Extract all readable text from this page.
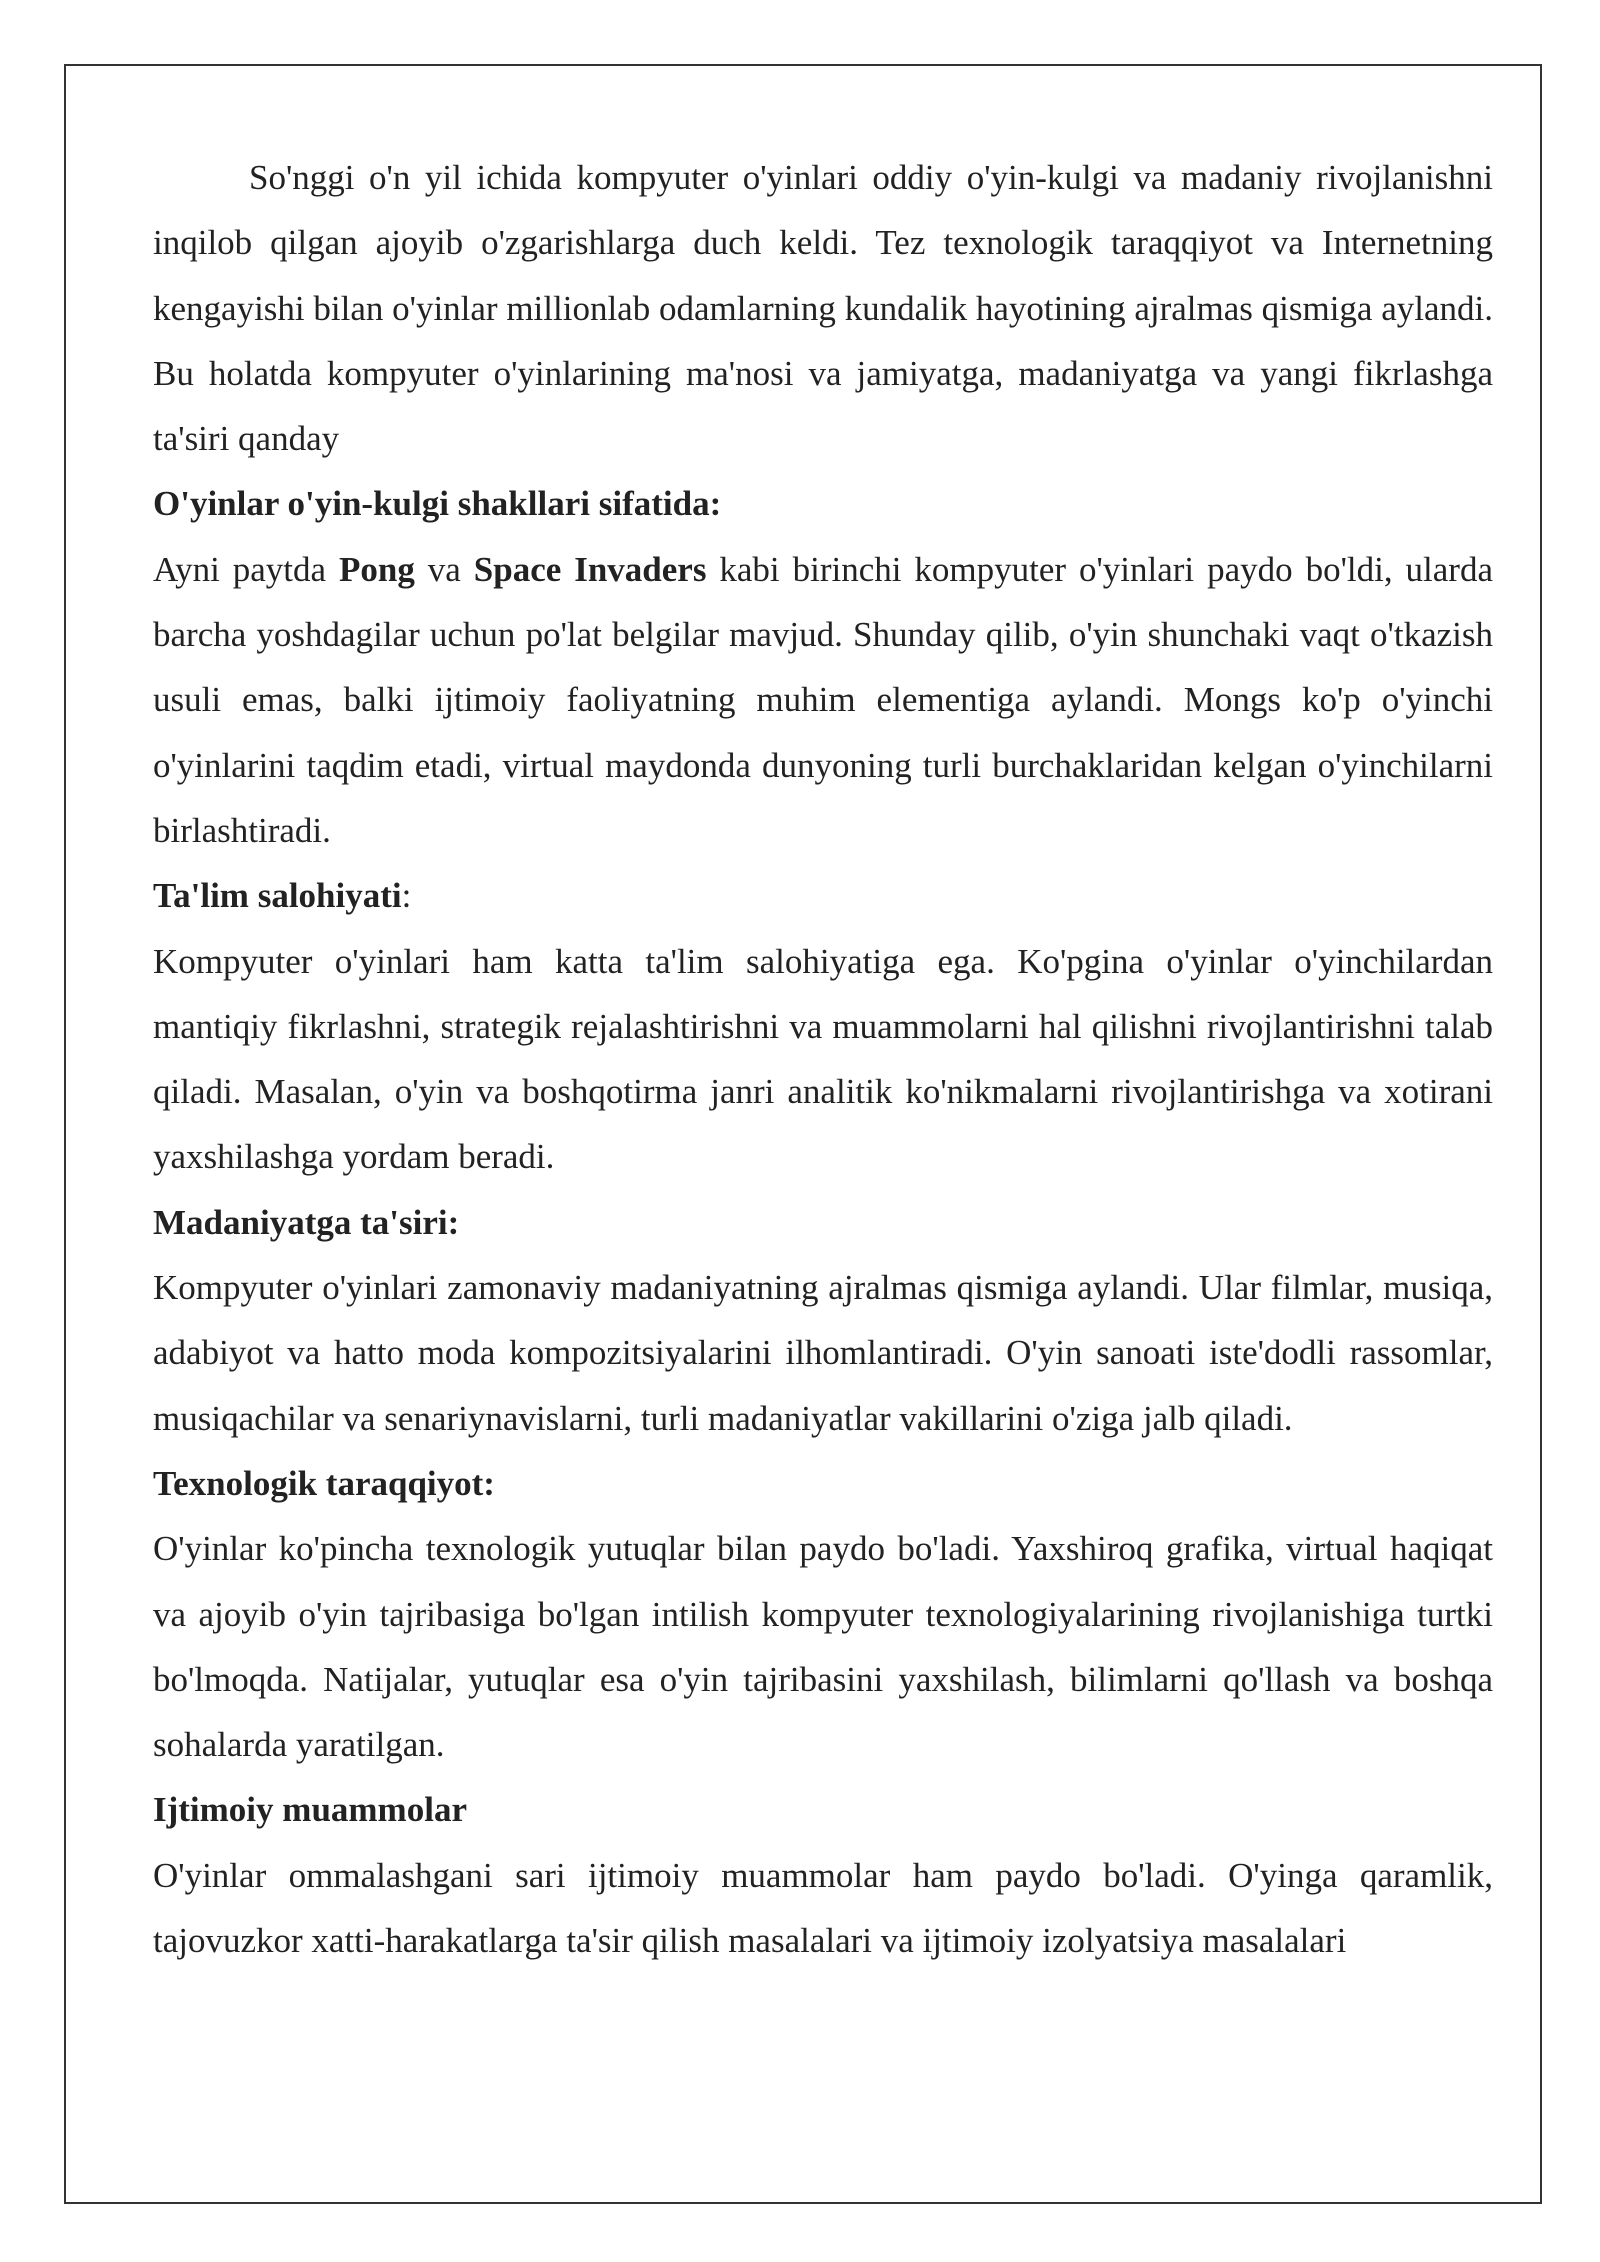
So'nggi o'n yil ichida kompyuter o'yinlari oddiy o'yin-kulgi va madaniy rivojlanishni inqilob qilgan ajoyib o'zgarishlarga duch keldi. Tez texnologik taraqqiyot va Internetning kengayishi bilan o'yinlar millionlab odamlarning kundalik hayotining ajralmas qismiga aylandi. Bu holatda kompyuter o'yinlarining ma'nosi va jamiyatga, madaniyatga va yangi fikrlashga ta'siri qanday

O'yinlar o'yin-kulgi shakllari sifatida:

Ayni paytda Pong va Space Invaders kabi birinchi kompyuter o'yinlari paydo bo'ldi, ularda barcha yoshdagilar uchun po'lat belgilar mavjud. Shunday qilib, o'yin shunchaki vaqt o'tkazish usuli emas, balki ijtimoiy faoliyatning muhim elementiga aylandi. Mongs ko'p o'yinchi o'yinlarini taqdim etadi, virtual maydonda dunyoning turli burchaklaridan kelgan o'yinchilarni birlashtiradi.

Ta'lim salohiyati:

Kompyuter o'yinlari ham katta ta'lim salohiyatiga ega. Ko'pgina o'yinlar o'yinchilardan mantiqiy fikrlashni, strategik rejalashtirishni va muammolarni hal qilishni rivojlantirishni talab qiladi. Masalan, o'yin va boshqotirma janri analitik ko'nikmalarni rivojlantirishga va xotirani yaxshilashga yordam beradi.

Madaniyatga ta'siri:

Kompyuter o'yinlari zamonaviy madaniyatning ajralmas qismiga aylandi. Ular filmlar, musiqa, adabiyot va hatto moda kompozitsiyalarini ilhomlantiradi. O'yin sanoati iste'dodli rassomlar, musiqachilar va senariynavislarni, turli madaniyatlar vakillarini o'ziga jalb qiladi.

Texnologik taraqqiyot:

O'yinlar ko'pincha texnologik yutuqlar bilan paydo bo'ladi. Yaxshiroq grafika, virtual haqiqat va ajoyib o'yin tajribasiga bo'lgan intilish kompyuter texnologiyalarining rivojlanishiga turtki bo'lmoqda. Natijalar, yutuqlar esa o'yin tajribasini yaxshilash, bilimlarni qo'llash va boshqa sohalarda yaratilgan.

Ijtimoiy muammolar

O'yinlar ommalashgani sari ijtimoiy muammolar ham paydo bo'ladi. O'yinga qaramlik, tajovuzkor xatti-harakatlarga ta'sir qilish masalalari va ijtimoiy izolyatsiya masalalari
